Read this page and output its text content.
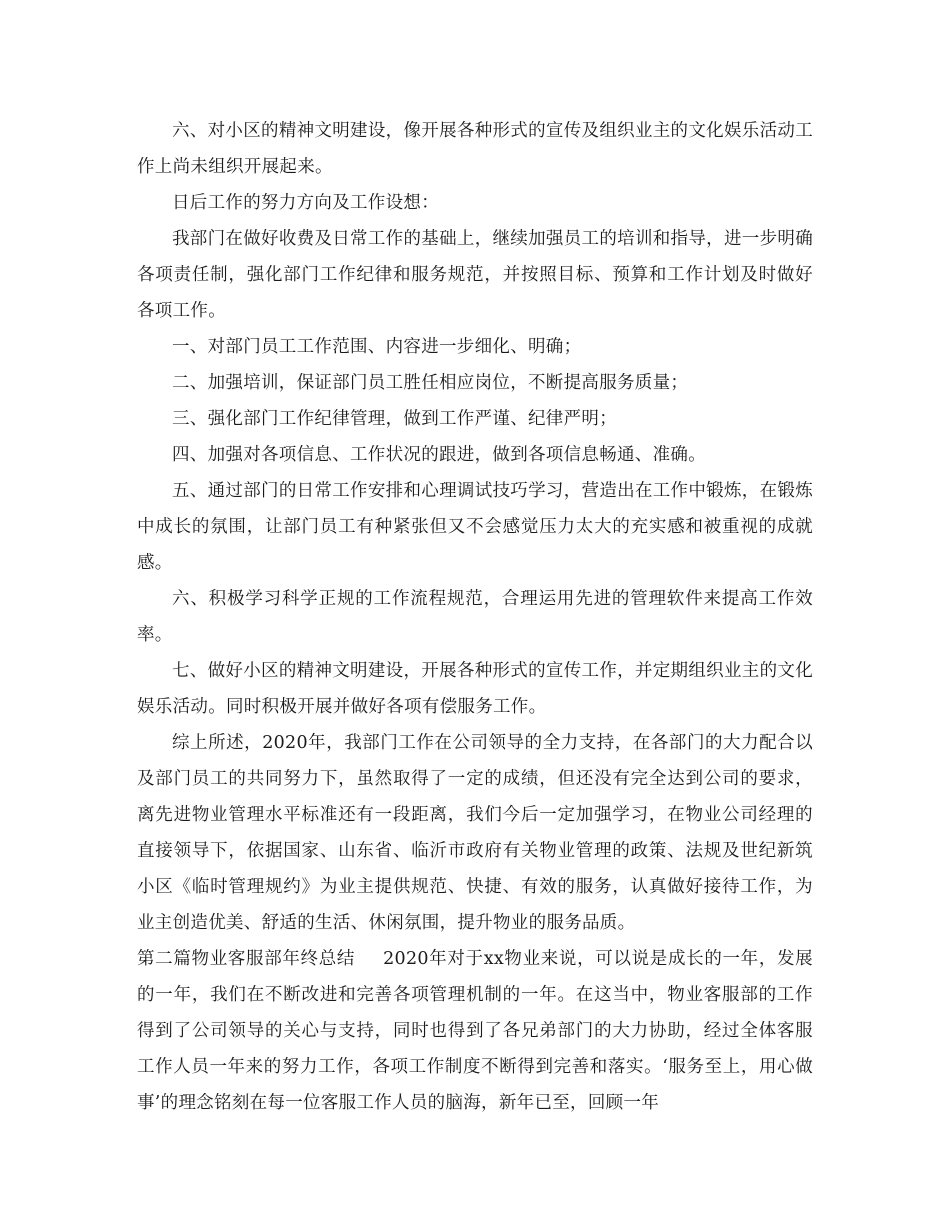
六、对小区的精神文明建设，像开展各种形式的宣传及组织业主的文化娱乐活动工作上尚未组织开展起来。

日后工作的努力方向及工作设想：

我部门在做好收费及日常工作的基础上，继续加强员工的培训和指导，进一步明确各项责任制，强化部门工作纪律和服务规范，并按照目标、预算和工作计划及时做好各项工作。

一、对部门员工工作范围、内容进一步细化、明确；

二、加强培训，保证部门员工胜任相应岗位，不断提高服务质量；

三、强化部门工作纪律管理，做到工作严谨、纪律严明；

四、加强对各项信息、工作状况的跟进，做到各项信息畅通、准确。

五、通过部门的日常工作安排和心理调试技巧学习，营造出在工作中锻炼，在锻炼中成长的氛围，让部门员工有种紧张但又不会感觉压力太大的充实感和被重视的成就感。

六、积极学习科学正规的工作流程规范，合理运用先进的管理软件来提高工作效率。

七、做好小区的精神文明建设，开展各种形式的宣传工作，并定期组织业主的文化娱乐活动。同时积极开展并做好各项有偿服务工作。

综上所述，2020年，我部门工作在公司领导的全力支持，在各部门的大力配合以及部门员工的共同努力下，虽然取得了一定的成绩，但还没有完全达到公司的要求，离先进物业管理水平标准还有一段距离，我们今后一定加强学习，在物业公司经理的直接领导下，依据国家、山东省、临沂市政府有关物业管理的政策、法规及世纪新筑小区《临时管理规约》为业主提供规范、快捷、有效的服务，认真做好接待工作，为业主创造优美、舒适的生活、休闲氛围，提升物业的服务品质。

第二篇物业客服部年终总结 2020年对于xx物业来说，可以说是成长的一年，发展的一年，我们在不断改进和完善各项管理机制的一年。在这当中，物业客服部的工作得到了公司领导的关心与支持，同时也得到了各兄弟部门的大力协助，经过全体客服工作人员一年来的努力工作，各项工作制度不断得到完善和落实。‘服务至上，用心做事’的理念铭刻在每一位客服工作人员的脑海，新年已至，回顾一年
